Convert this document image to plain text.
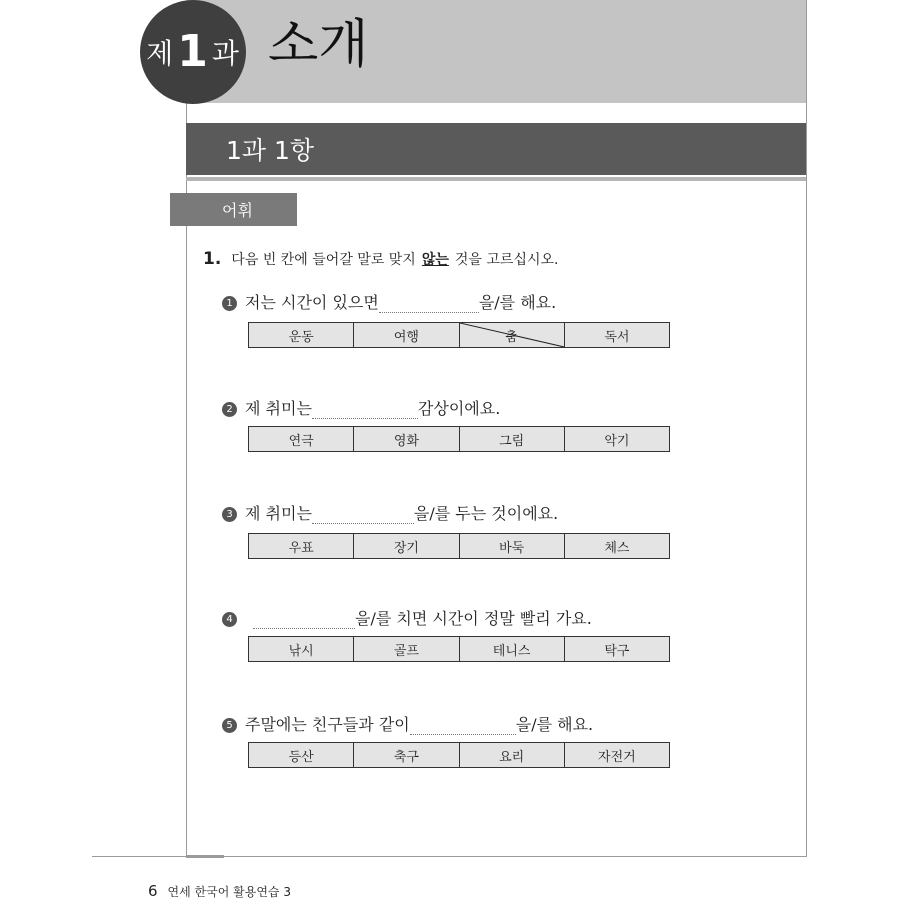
제 1 과 소개
1과 1항
어휘
1. 다음 빈 칸에 들어갈 말로 맞지 않는 것을 고르십시오.
1 저는 시간이 있으면	을/를 해요.
운동	여행	춤	독서
2 제 취미는	감상이에요.
연극	영화	그림	악기
3 제 취미는	을/를 두는 것이에요.
우표	장기	바둑	체스
4	을/를 치면 시간이 정말 빨리 가요.
낚시	골프	테니스	탁구
5 주말에는 친구들과 같이	을/를 해요.
등산	축구	요리	자전거
6 연세 한국어 활용연습 3
